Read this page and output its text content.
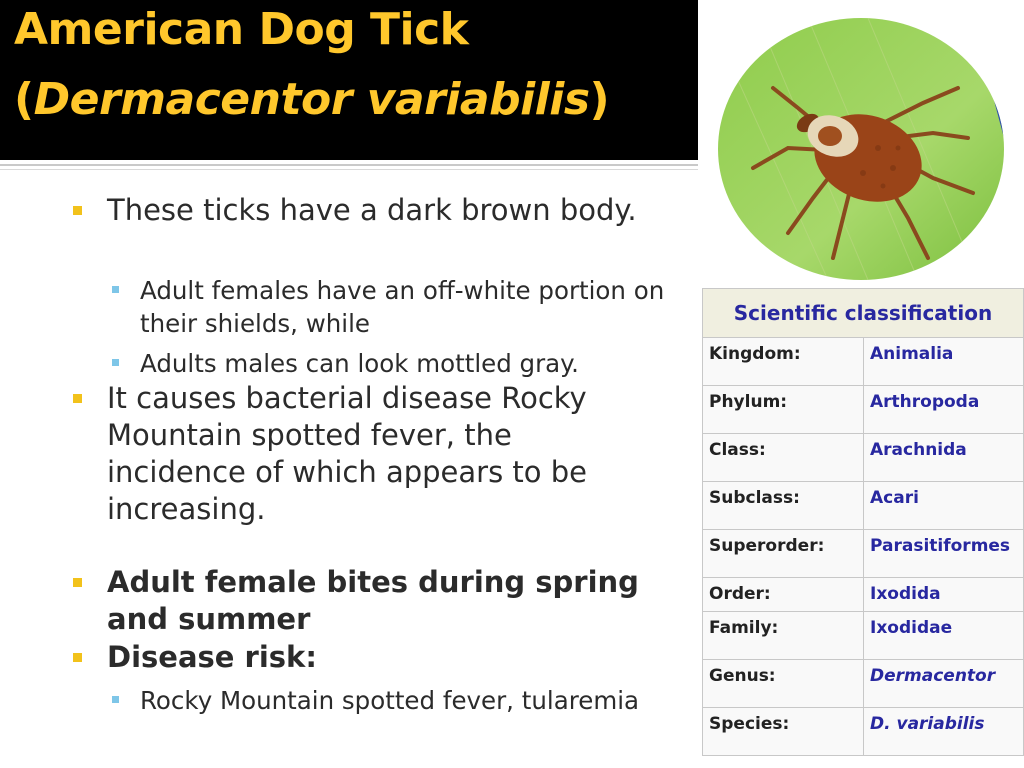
American Dog Tick
(Dermacentor variabilis)

These ticks have a dark brown body.

Adult females have an off-white portion on their shields, while

Adults males can look mottled gray.

It causes bacterial disease Rocky Mountain spotted fever, the incidence of which appears to be increasing.

Adult female bites during spring and summer

Disease risk:

Rocky Mountain spotted fever, tularemia

Scientific classification	
Kingdom:	Animalia
Phylum:	Arthropoda
Class:	Arachnida
Subclass:	Acari
Superorder:	Parasitiformes
Order:	Ixodida
Family:	Ixodidae
Genus:	Dermacentor
Species:	D. variabilis
